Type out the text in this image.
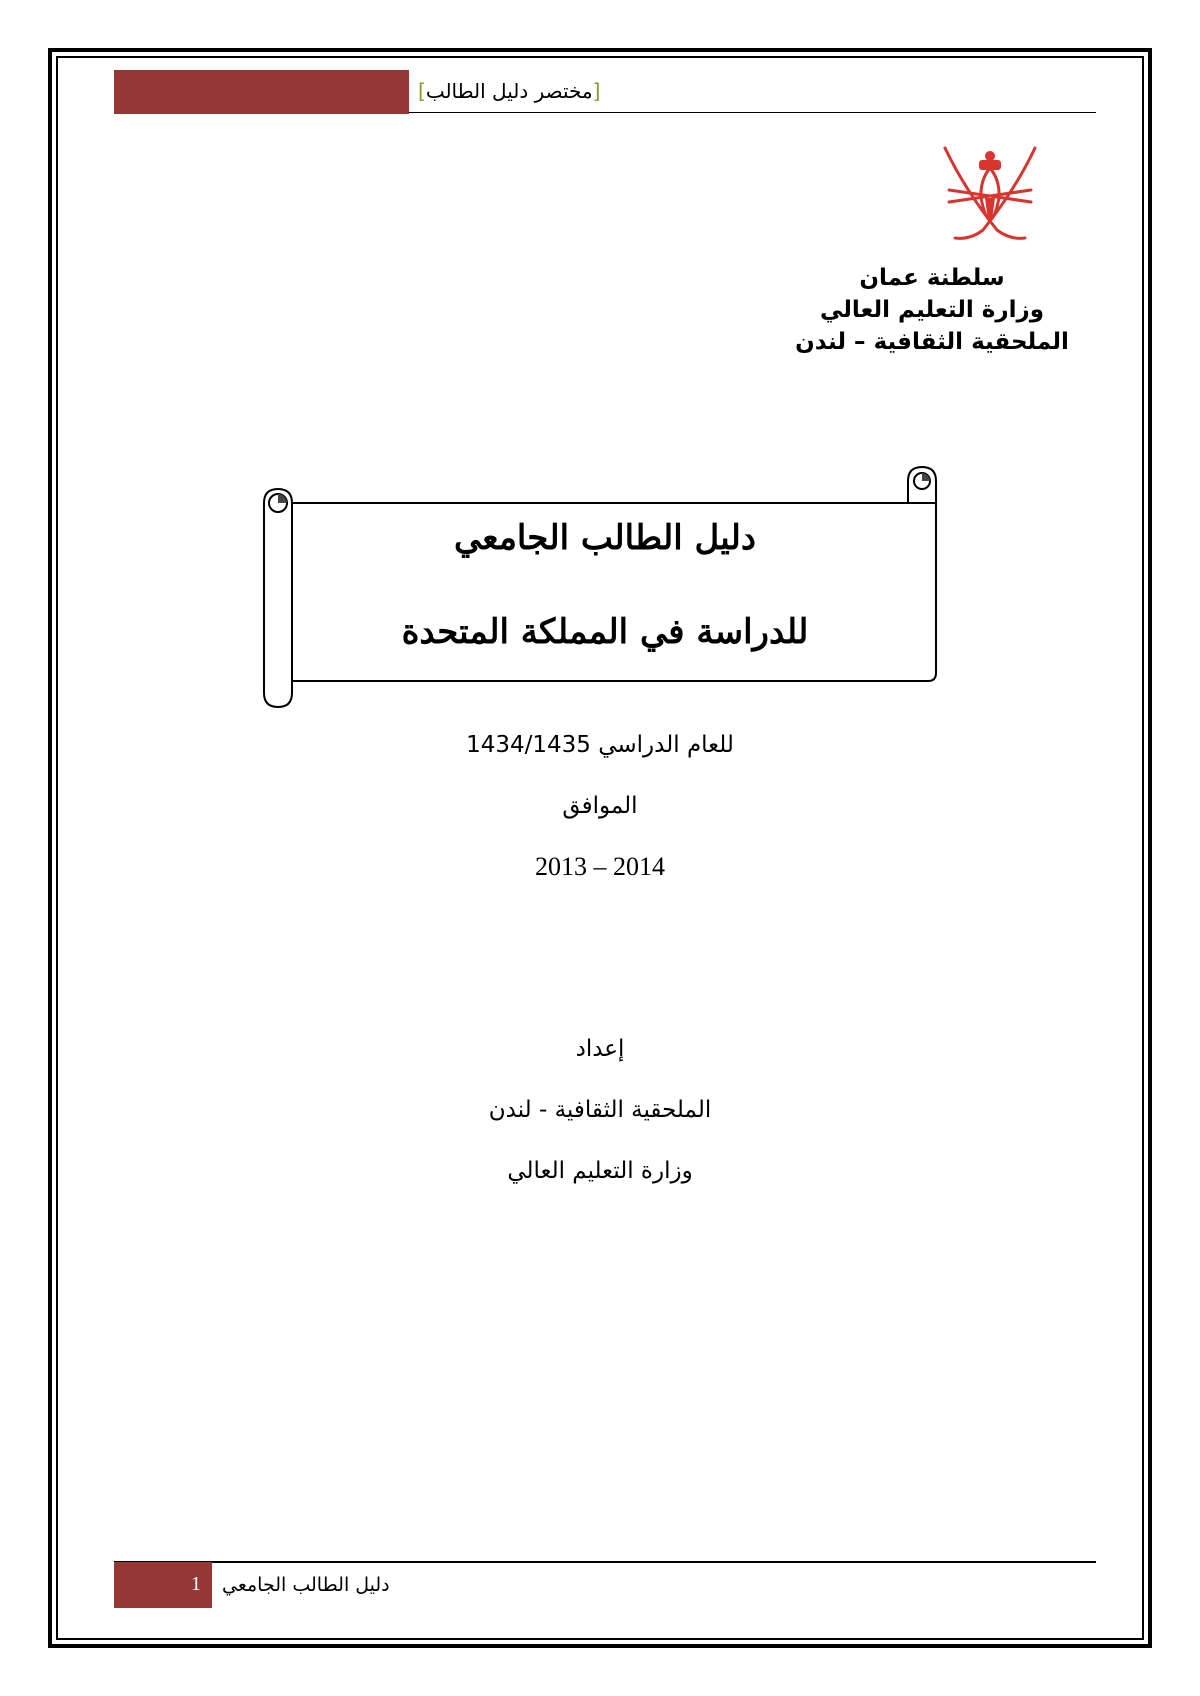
[مختصر دليل الطالب]
سلطنة عمان
وزارة التعليم العالي
الملحقية الثقافية – لندن
دليل الطالب الجامعي
للدراسة في المملكة المتحدة
للعام الدراسي 1434/1435
الموافق
2013 – 2014
إعداد
الملحقية الثقافية - لندن
وزارة التعليم العالي
1 دليل الطالب الجامعي
